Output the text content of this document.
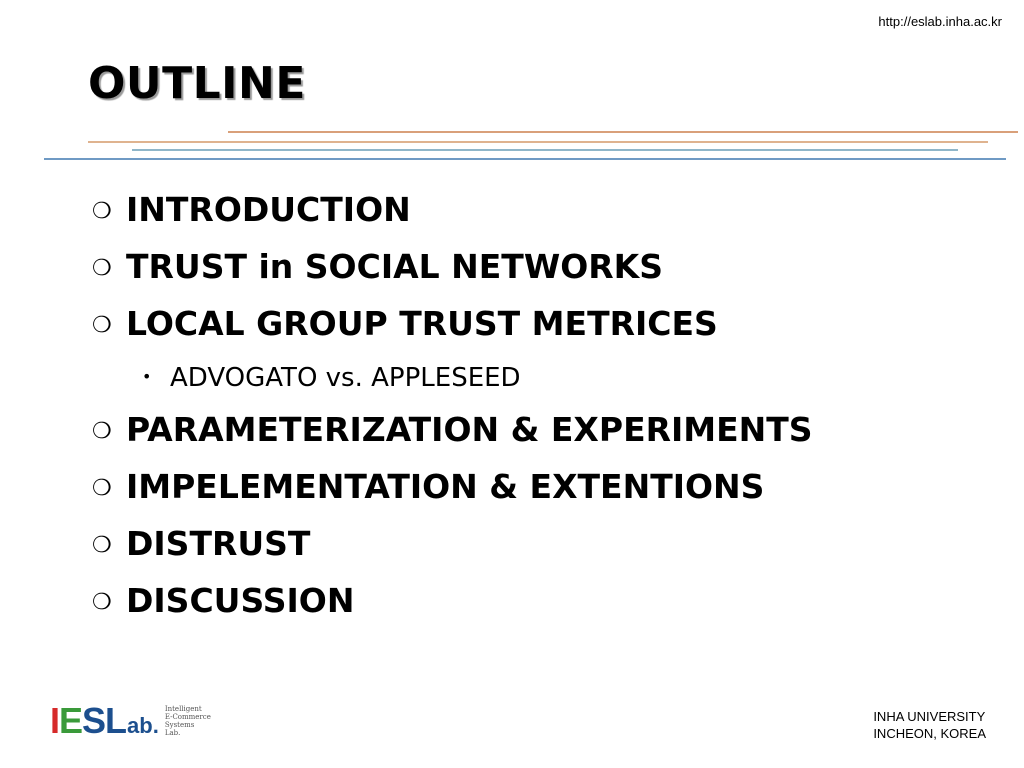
http://eslab.inha.ac.kr
OUTLINE
❍ INTRODUCTION
❍ TRUST in SOCIAL NETWORKS
❍ LOCAL GROUP TRUST METRICES
• ADVOGATO vs. APPLESEED
❍ PARAMETERIZATION & EXPERIMENTS
❍ IMPELEMENTATION & EXTENTIONS
❍ DISTRUST
❍ DISCUSSION
IESL ab.
Intelligent
E-Commerce
Systems
Lab.
INHA UNIVERSITY
INCHEON, KOREA
